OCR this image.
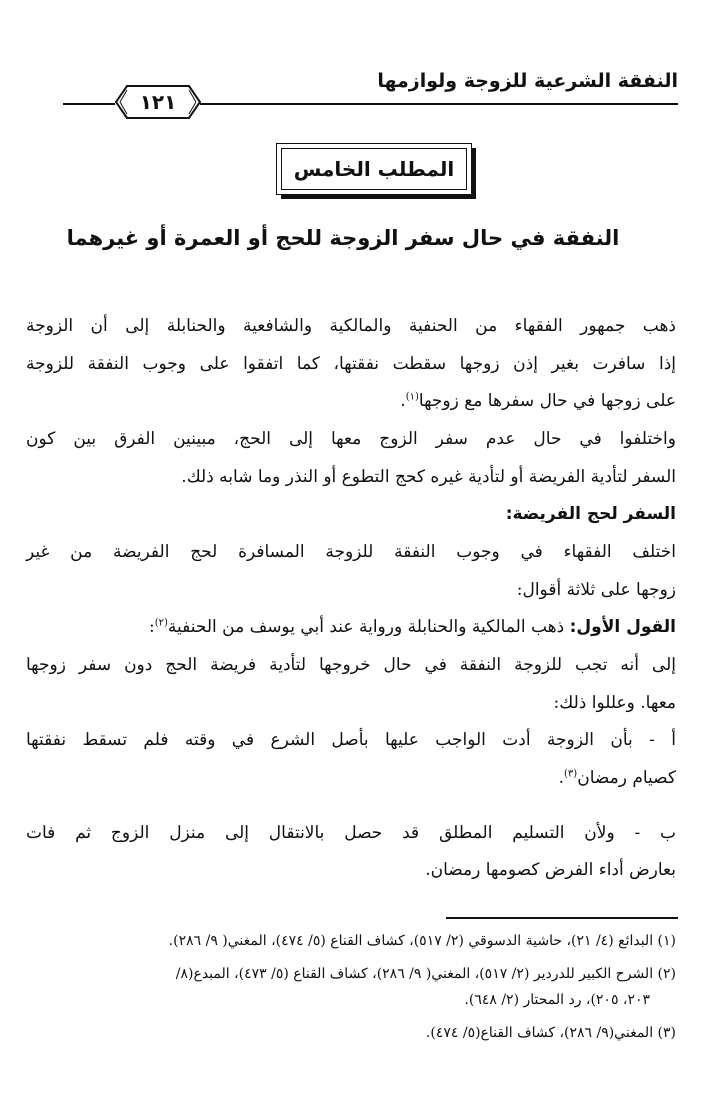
النفقة الشرعية للزوجة ولوازمها
١٢١
المطلب الخامس
النفقة في حال سفر الزوجة للحج أو العمرة أو غيرهما
ذهب جمهور الفقهاء من الحنفية والمالكية والشافعية والحنابلة إلى أن الزوجة
إذا سافرت بغير إذن زوجها سقطت نفقتها، كما اتفقوا على وجوب النفقة للزوجة
على زوجها في حال سفرها مع زوجها$^{(١)}$.
واختلفوا في حال عدم سفر الزوج معها إلى الحج، مبينين الفرق بين كون
السفر لتأدية الفريضة أو لتأدية غيره كحج التطوع أو النذر وما شابه ذلك.
السفر لحج الفريضة:
اختلف الفقهاء في وجوب النفقة للزوجة المسافرة لحج الفريضة من غير
زوجها على ثلاثة أقوال:
القول الأول: ذهب المالكية والحنابلة ورواية عند أبي يوسف من الحنفية$^{(٢)}$:
إلى أنه تجب للزوجة النفقة في حال خروجها لتأدية فريضة الحج دون سفر زوجها
معها. وعللوا ذلك:
أ - بأن الزوجة أدت الواجب عليها بأصل الشرع في وقته فلم تسقط نفقتها
كصيام رمضان$^{(٣)}$.
ب - ولأن التسليم المطلق قد حصل بالانتقال إلى منزل الزوج ثم فات
بعارض أداء الفرض كصومها رمضان.
(١) البدائع (٤/ ٢١)، حاشية الدسوقي (٢/ ٥١٧)، كشاف القناع (٥/ ٤٧٤)، المغني( ٩/ ٢٨٦).
(٢) الشرح الكبير للدردير (٢/ ٥١٧)، المغني( ٩/ ٢٨٦)، كشاف القناع (٥/ ٤٧٣)، المبدع(٨/
٢٠٣، ٢٠٥)، رد المحتار (٢/ ٦٤٨).
(٣) المغني(٩/ ٢٨٦)، كشاف القناع(٥/ ٤٧٤).
